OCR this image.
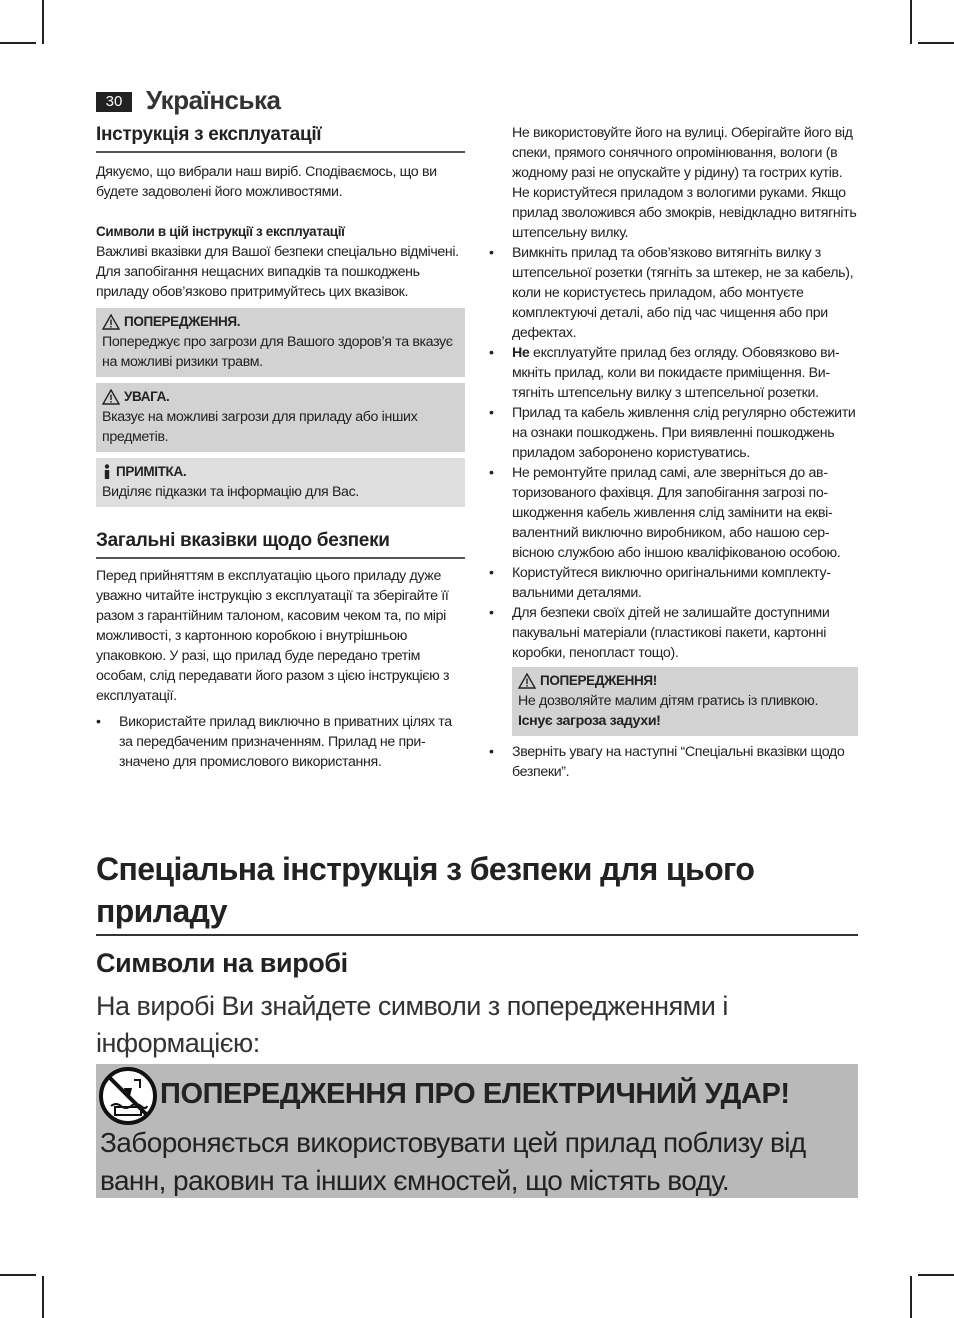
30 Українська
Інструкція з експлуатації

Дякуємо, що вибрали наш виріб. Сподіваємось, що ви будете задоволені його можливостями.

Символи в цій інструкції з експлуатації

Важливі вказівки для Вашої безпеки спеціально відмічені. Для запобігання нещасних випадків та пошкоджень приладу обов’язково притримуйтесь цих вказівок.

ПОПЕРЕДЖЕННЯ.

Попереджує про загрози для Вашого здоров’я та вказує на можливі ризики травм.

УВАГА.

Вказує на можливі загрози для приладу або інших предметів.

ПРИМІТКА.

Виділяє підказки та інформацію для Вас.

Загальні вказівки щодо безпеки

Перед прийняттям в експлуатацію цього приладу дуже уважно читайте інструкцію з експлуатації та зберігайте її разом з гарантійним талоном, касовим чеком та, по мірі можливості, з картонною коробкою і внутрішньою упаковкою. У разі, що прилад буде передано третім особам, слід передавати його разом з цією інструкцією з експлуатації.

• Використайте прилад виключно в приватних цілях та за передбаченим призначенням. Прилад не призначено для промислового використання.

Не використовуйте його на вулиці. Оберігайте його від спеки, прямого сонячного опромінювання, вологи (в жодному разі не опускайте у рідину) та гострих кутів. Не користуйтеся приладом з вологими руками. Якщо прилад зволожився або змокрів, невідкладно витягніть штепсельну вилку.

• Вимкніть прилад та обов’язково витягніть вилку з штепсельної розетки (тягніть за штекер, не за кабель), коли не користуєтесь приладом, або монтуєте комплектуючі деталі, або під час чищення або при дефектах.
• Не експлуатуйте прилад без огляду. Обовязково вимкніть прилад, коли ви покидаєте приміщення. Витягніть штепсельну вилку з штепсельної розетки.
• Прилад та кабель живлення слід регулярно обстежити на ознаки пошкоджень. При виявленні пошкоджень приладом заборонено користуватись.
• Не ремонтуйте прилад самі, але зверніться до авторизованого фахівця. Для запобігання загрозі пошкодження кабель живлення слід замінити на еквівалентний виключно виробником, або нашою сервісною службою або іншою кваліфікованою особою.
• Користуйтеся виключно оригінальними комплектувальними деталями.
• Для безпеки своїх дітей не залишайте доступними пакувальні матеріали (пластикові пакети, картонні коробки, пенопласт тощо).
ПОПЕРЕДЖЕННЯ!

Не дозволяйте малим дітям гратись із пливкою.

Існує загроза задухи!

• Зверніть увагу на наступні “Спеціальні вказівки щодо безпеки”.
Спеціальна інструкція з безпеки для цього приладу
Символи на виробі
На виробі Ви знайдете символи з попередженнями і інформацією:
ПОПЕРЕДЖЕННЯ ПРО ЕЛЕКТРИЧНИЙ УДАР!
Забороняється використовувати цей прилад поблизу від ванн, раковин та інших ємностей, що містять воду.
